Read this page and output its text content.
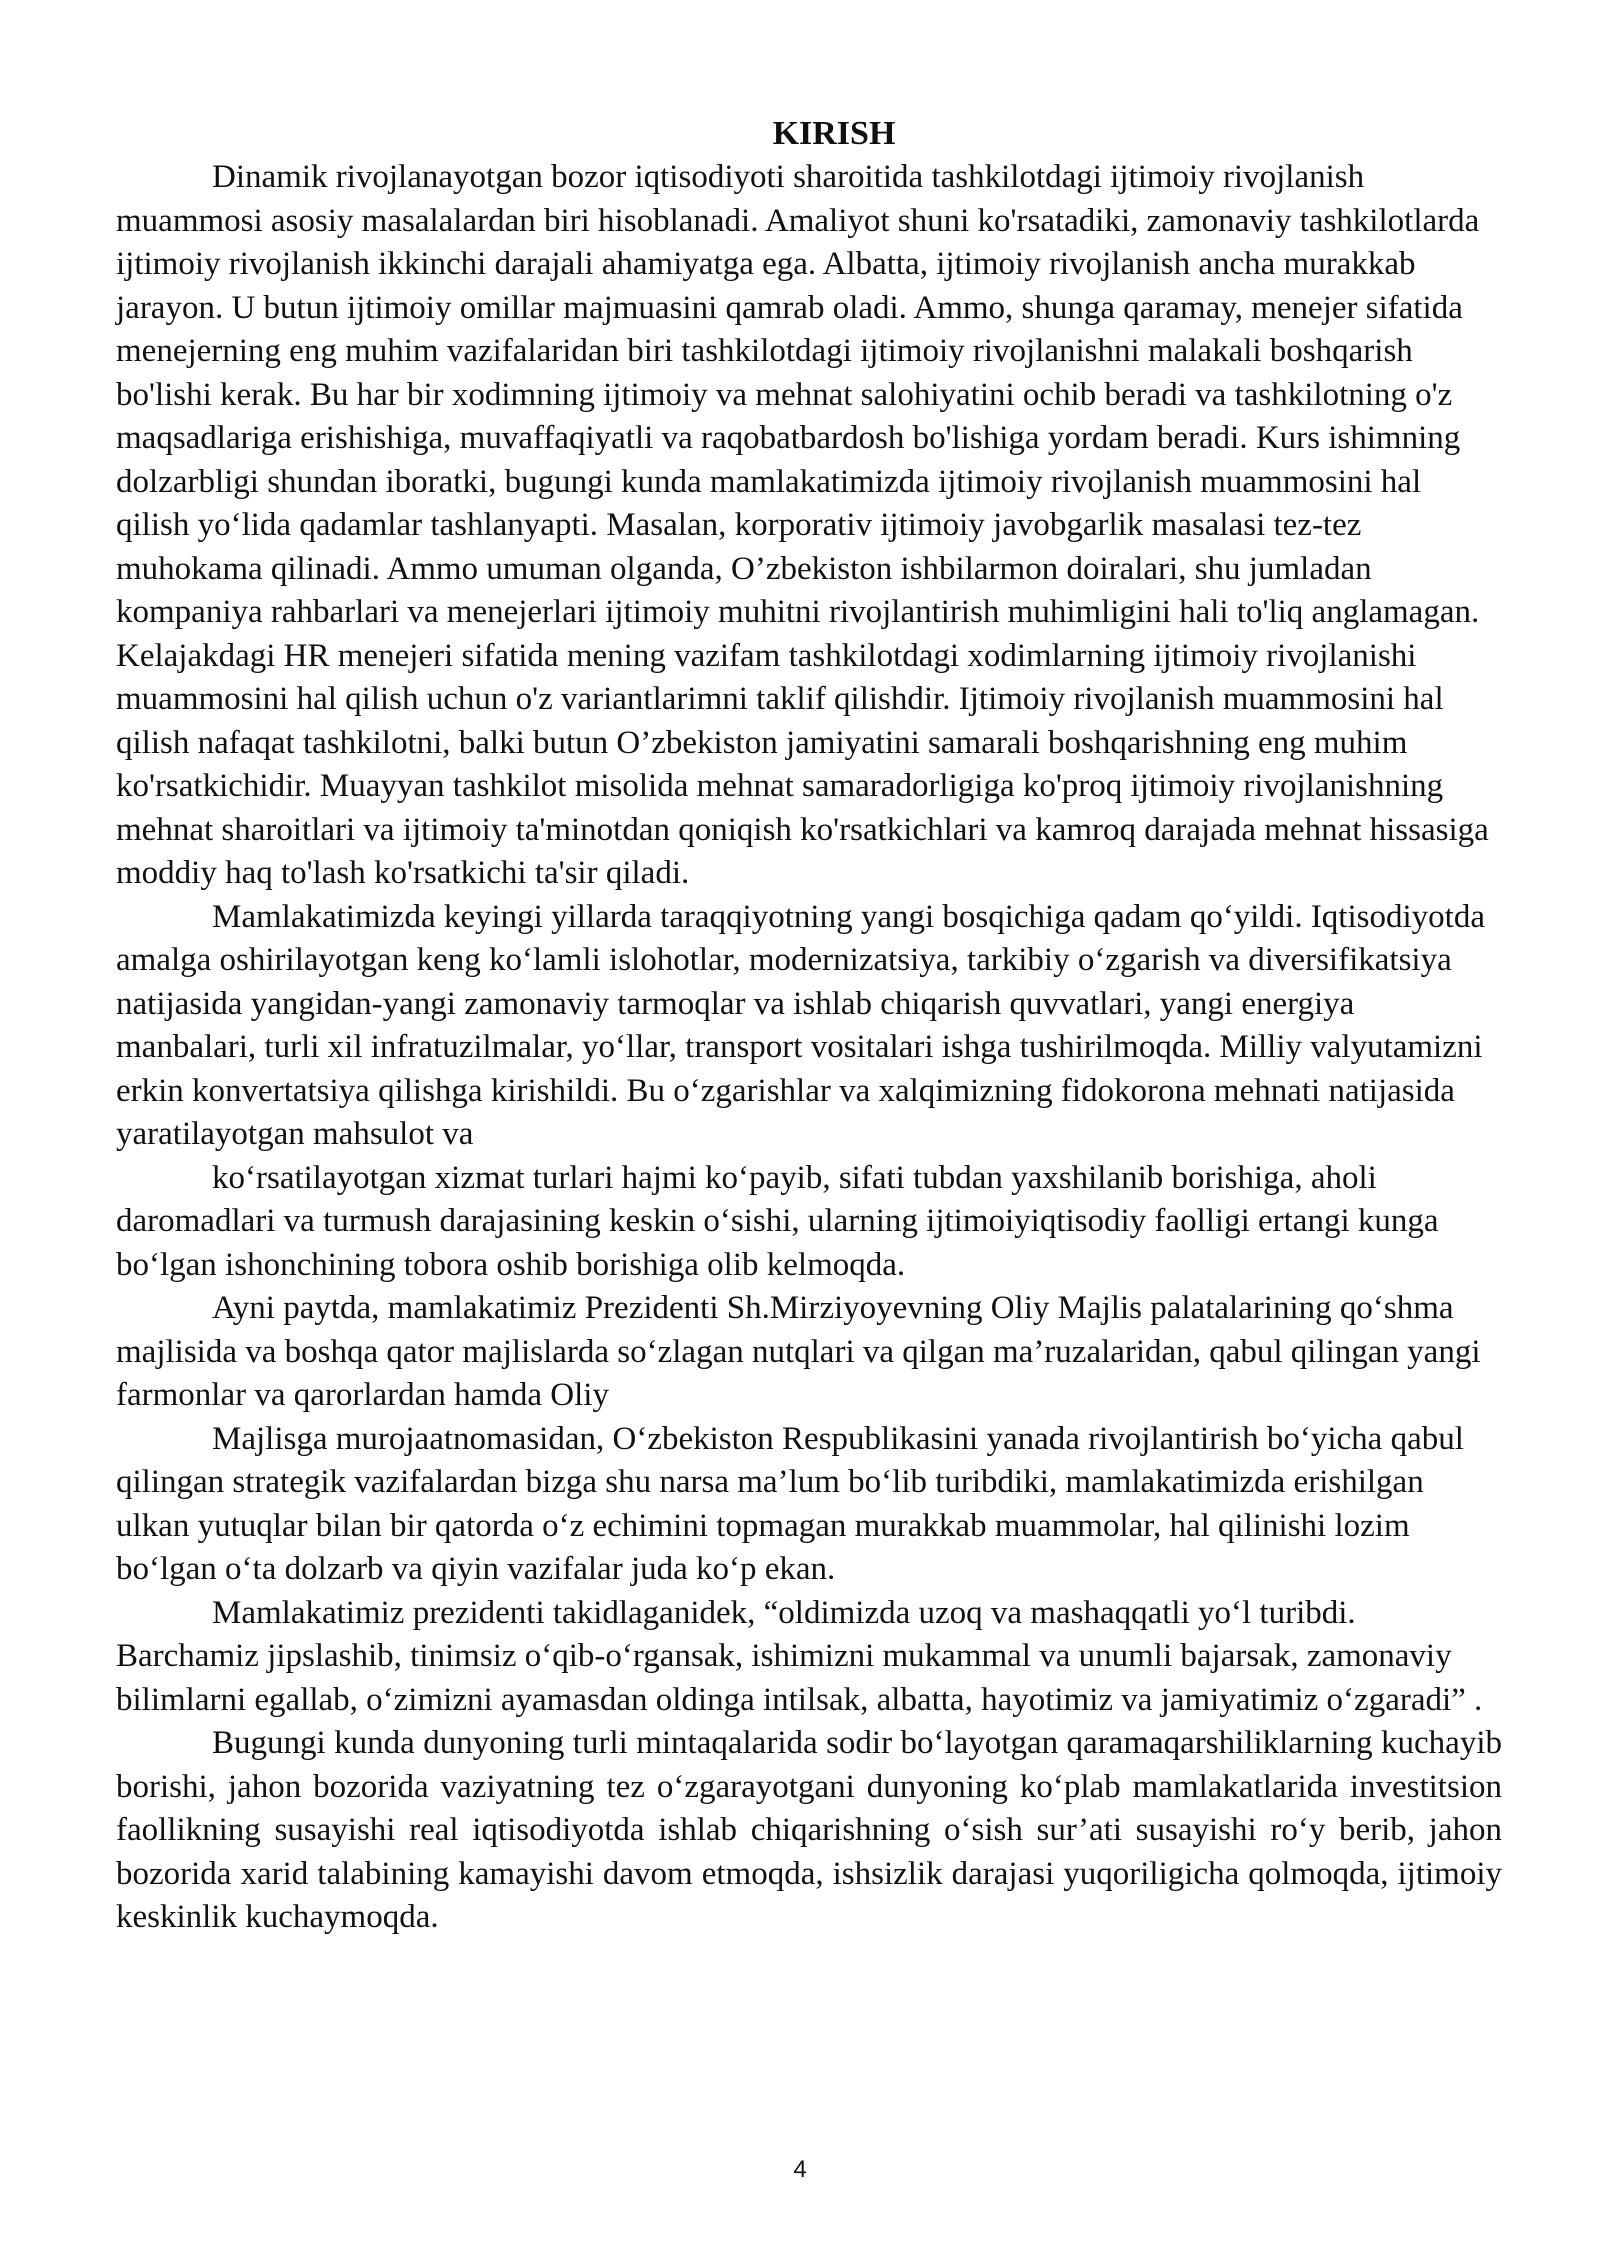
KIRISH

Dinamik rivojlanayotgan bozor iqtisodiyoti sharoitida tashkilotdagi ijtimoiy rivojlanish muammosi asosiy masalalardan biri hisoblanadi. Amaliyot shuni ko'rsatadiki, zamonaviy tashkilotlarda ijtimoiy rivojlanish ikkinchi darajali ahamiyatga ega. Albatta, ijtimoiy rivojlanish ancha murakkab jarayon. U butun ijtimoiy omillar majmuasini qamrab oladi. Ammo, shunga qaramay, menejer sifatida menejerning eng muhim vazifalaridan biri tashkilotdagi ijtimoiy rivojlanishni malakali boshqarish bo'lishi kerak. Bu har bir xodimning ijtimoiy va mehnat salohiyatini ochib beradi va tashkilotning o'z maqsadlariga erishishiga, muvaffaqiyatli va raqobatbardosh bo'lishiga yordam beradi. Kurs ishimning dolzarbligi shundan iboratki, bugungi kunda mamlakatimizda ijtimoiy rivojlanish muammosini hal qilish yo‘lida qadamlar tashlanyapti. Masalan, korporativ ijtimoiy javobgarlik masalasi tez-tez muhokama qilinadi. Ammo umuman olganda, O’zbekiston ishbilarmon doiralari, shu jumladan kompaniya rahbarlari va menejerlari ijtimoiy muhitni rivojlantirish muhimligini hali to'liq anglamagan. Kelajakdagi HR menejeri sifatida mening vazifam tashkilotdagi xodimlarning ijtimoiy rivojlanishi muammosini hal qilish uchun o'z variantlarimni taklif qilishdir. Ijtimoiy rivojlanish muammosini hal qilish nafaqat tashkilotni, balki butun O’zbekiston jamiyatini samarali boshqarishning eng muhim ko'rsatkichidir. Muayyan tashkilot misolida mehnat samaradorligiga ko'proq ijtimoiy rivojlanishning mehnat sharoitlari va ijtimoiy ta'minotdan qoniqish ko'rsatkichlari va kamroq darajada mehnat hissasiga moddiy haq to'lash ko'rsatkichi ta'sir qiladi.

Mamlakatimizda keyingi yillarda taraqqiyotning yangi bosqichiga qadam qo‘yildi. Iqtisodiyotda amalga oshirilayotgan keng ko‘lamli islohotlar, modernizatsiya, tarkibiy o‘zgarish va diversifikatsiya natijasida yangidan-yangi zamonaviy tarmoqlar va ishlab chiqarish quvvatlari, yangi energiya manbalari, turli xil infratuzilmalar, yo‘llar, transport vositalari ishga tushirilmoqda. Milliy valyutamizni erkin konvertatsiya qilishga kirishildi. Bu o‘zgarishlar va xalqimizning fidokorona mehnati natijasida yaratilayotgan mahsulot va

ko‘rsatilayotgan xizmat turlari hajmi ko‘payib, sifati tubdan yaxshilanib borishiga, aholi daromadlari va turmush darajasining keskin o‘sishi, ularning ijtimoiyiqtisodiy faolligi ertangi kunga bo‘lgan ishonchining tobora oshib borishiga olib kelmoqda.

Ayni paytda, mamlakatimiz Prezidenti Sh.Mirziyoyevning Oliy Majlis palatalarining qo‘shma majlisida va boshqa qator majlislarda so‘zlagan nutqlari va qilgan ma’ruzalaridan, qabul qilingan yangi farmonlar va qarorlardan hamda Oliy

Majlisga murojaatnomasidan, O‘zbekiston Respublikasini yanada rivojlantirish bo‘yicha qabul qilingan strategik vazifalardan bizga shu narsa ma’lum bo‘lib turibdiki, mamlakatimizda erishilgan ulkan yutuqlar bilan bir qatorda o‘z echimini topmagan murakkab muammolar, hal qilinishi lozim bo‘lgan o‘ta dolzarb va qiyin vazifalar juda ko‘p ekan.

Mamlakatimiz prezidenti takidlaganidek, “oldimizda uzoq va mashaqqatli yo‘l turibdi. Barchamiz jipslashib, tinimsiz o‘qib-o‘rgansak, ishimizni mukammal va unumli bajarsak, zamonaviy bilimlarni egallab, o‘zimizni ayamasdan oldinga intilsak, albatta, hayotimiz va jamiyatimiz o‘zgaradi” .

Bugungi kunda dunyoning turli mintaqalarida sodir bo‘layotgan qaramaqarshiliklarning kuchayib borishi, jahon bozorida vaziyatning tez o‘zgarayotgani dunyoning ko‘plab mamlakatlarida investitsion faollikning susayishi real iqtisodiyotda ishlab chiqarishning o‘sish sur’ati susayishi ro‘y berib, jahon bozorida xarid talabining kamayishi davom etmoqda, ishsizlik darajasi yuqoriligicha qolmoqda, ijtimoiy keskinlik kuchaymoqda.

4
